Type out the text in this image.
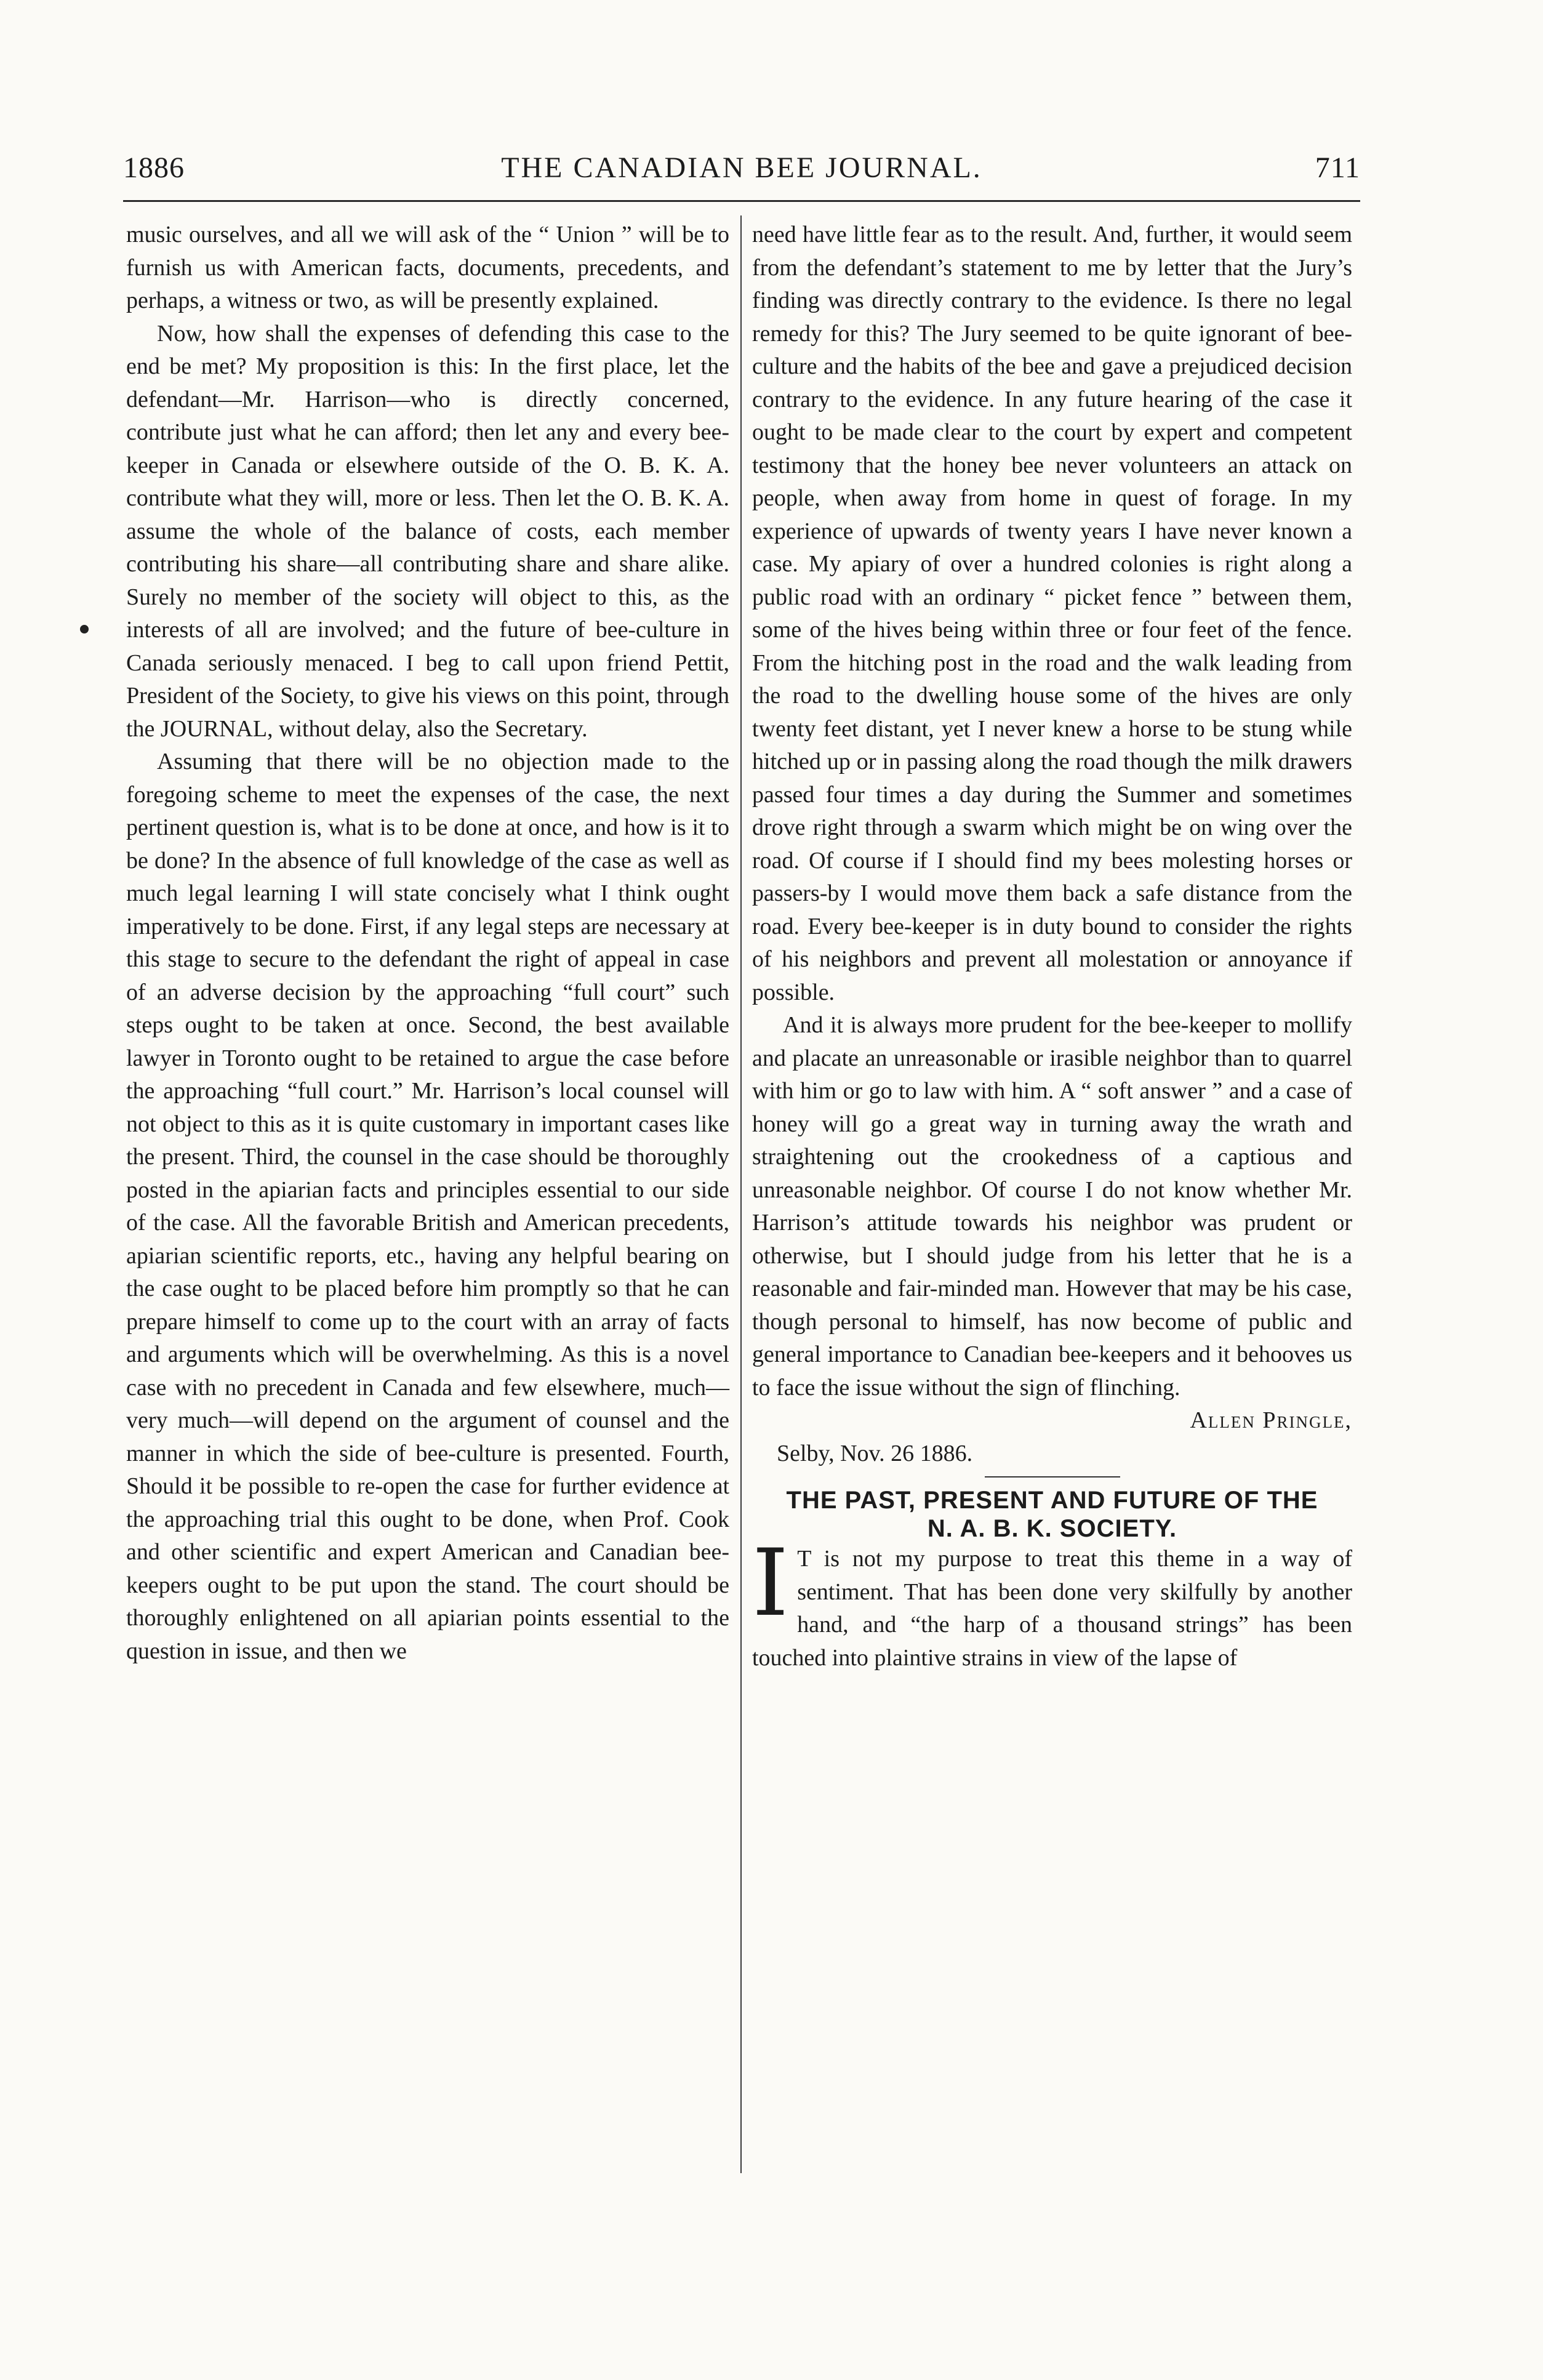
1886	THE CANADIAN BEE JOURNAL.	711

music ourselves, and all we will ask of the “ Union ” will be to furnish us with American facts, documents, precedents, and perhaps, a witness or two, as will be presently explained.

Now, how shall the expenses of defending this case to the end be met? My proposition is this: In the first place, let the defendant—Mr. Harrison—who is directly concerned, contribute just what he can afford; then let any and every bee-keeper in Canada or elsewhere outside of the O. B. K. A. contribute what they will, more or less. Then let the O. B. K. A. assume the whole of the balance of costs, each member contributing his share—all contributing share and share alike. Surely no member of the society will object to this, as the interests of all are involved; and the future of bee-culture in Canada seriously menaced. I beg to call upon friend Pettit, President of the Society, to give his views on this point, through the JOURNAL, without delay, also the Secretary.

Assuming that there will be no objection made to the foregoing scheme to meet the expenses of the case, the next pertinent question is, what is to be done at once, and how is it to be done? In the absence of full knowledge of the case as well as much legal learning I will state concisely what I think ought imperatively to be done. First, if any legal steps are necessary at this stage to secure to the defendant the right of appeal in case of an adverse decision by the approaching “full court” such steps ought to be taken at once. Second, the best available lawyer in Toronto ought to be retained to argue the case before the approaching “full court.” Mr. Harrison’s local counsel will not object to this as it is quite customary in important cases like the present. Third, the counsel in the case should be thoroughly posted in the apiarian facts and principles essential to our side of the case. All the favorable British and American precedents, apiarian scientific reports, etc., having any helpful bearing on the case ought to be placed before him promptly so that he can prepare himself to come up to the court with an array of facts and arguments which will be overwhelming. As this is a novel case with no precedent in Canada and few elsewhere, much—very much—will depend on the argument of counsel and the manner in which the side of bee-culture is presented. Fourth, Should it be possible to re-open the case for further evidence at the approaching trial this ought to be done, when Prof. Cook and other scientific and expert American and Canadian bee-keepers ought to be put upon the stand. The court should be thoroughly enlightened on all apiarian points essential to the question in issue, and then we

need have little fear as to the result. And, further, it would seem from the defendant’s statement to me by letter that the Jury’s finding was directly contrary to the evidence. Is there no legal remedy for this? The Jury seemed to be quite ignorant of bee-culture and the habits of the bee and gave a prejudiced decision contrary to the evidence. In any future hearing of the case it ought to be made clear to the court by expert and competent testimony that the honey bee never volunteers an attack on people, when away from home in quest of forage. In my experience of upwards of twenty years I have never known a case. My apiary of over a hundred colonies is right along a public road with an ordinary “ picket fence ” between them, some of the hives being within three or four feet of the fence. From the hitching post in the road and the walk leading from the road to the dwelling house some of the hives are only twenty feet distant, yet I never knew a horse to be stung while hitched up or in passing along the road though the milk drawers passed four times a day during the Summer and sometimes drove right through a swarm which might be on wing over the road. Of course if I should find my bees molesting horses or passers-by I would move them back a safe distance from the road. Every bee-keeper is in duty bound to consider the rights of his neighbors and prevent all molestation or annoyance if possible.

And it is always more prudent for the bee-keeper to mollify and placate an unreasonable or irasible neighbor than to quarrel with him or go to law with him. A “ soft answer ” and a case of honey will go a great way in turning away the wrath and straightening out the crookedness of a captious and unreasonable neighbor. Of course I do not know whether Mr. Harrison’s attitude towards his neighbor was prudent or otherwise, but I should judge from his letter that he is a reasonable and fair-minded man. However that may be his case, though personal to himself, has now become of public and general importance to Canadian bee-keepers and it behooves us to face the issue without the sign of flinching.

Allen Pringle,

Selby, Nov. 26 1886.

THE PAST, PRESENT AND FUTURE OF THE

N. A. B. K. SOCIETY.

I T is not my purpose to treat this theme in a way of sentiment. That has been done very skilfully by another hand, and “the harp of a thousand strings” has been touched into plaintive strains in view of the lapse of
